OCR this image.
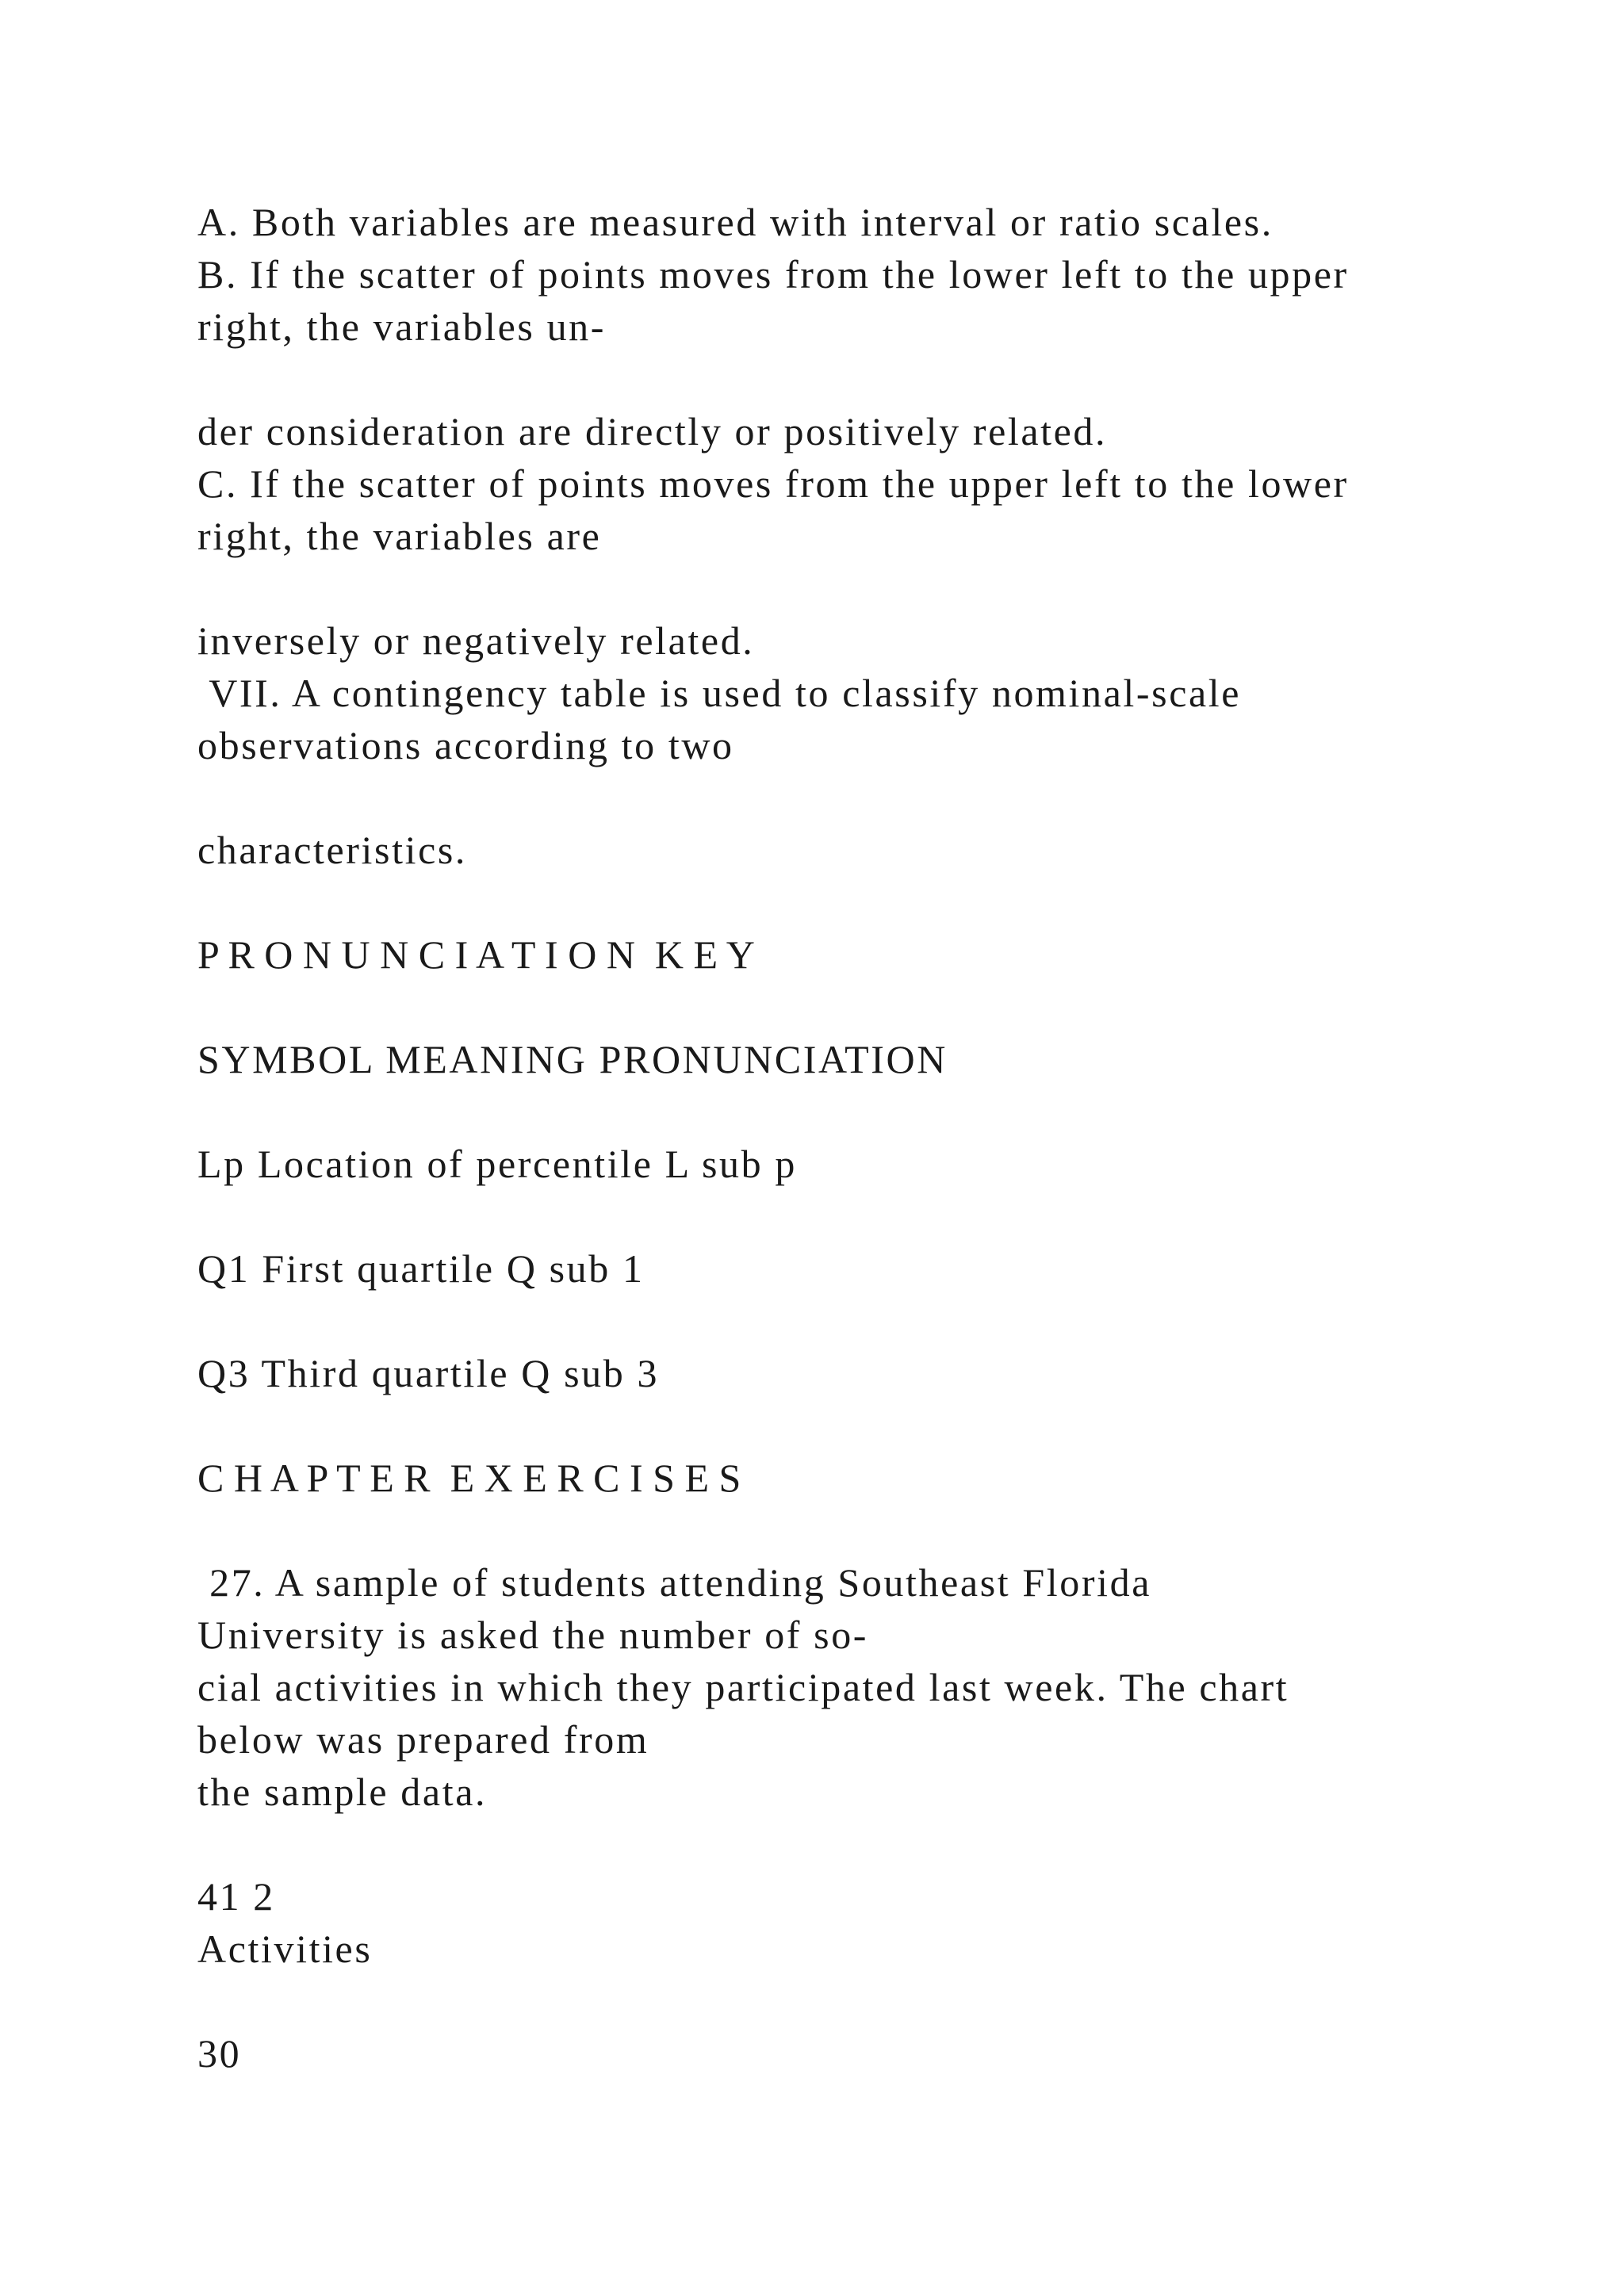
A. Both variables are measured with interval or ratio scales.

B. If the scatter of points moves from the lower left to the upper

right, the variables un-

der consideration are directly or positively related.

C. If the scatter of points moves from the upper left to the lower

right, the variables are

inversely or negatively related.

VII. A contingency table is used to classify nominal-scale

observations according to two

characteristics.

P R O N U N C I A T I O N  K E Y

SYMBOL MEANING PRONUNCIATION

Lp Location of percentile L sub p

Q1 First quartile Q sub 1

Q3 Third quartile Q sub 3

C H A P T E R  E X E R C I S E S

27. A sample of students attending Southeast Florida

University is asked the number of so-

cial activities in which they participated last week. The chart

below was prepared from

the sample data.

41 2

Activities

30
